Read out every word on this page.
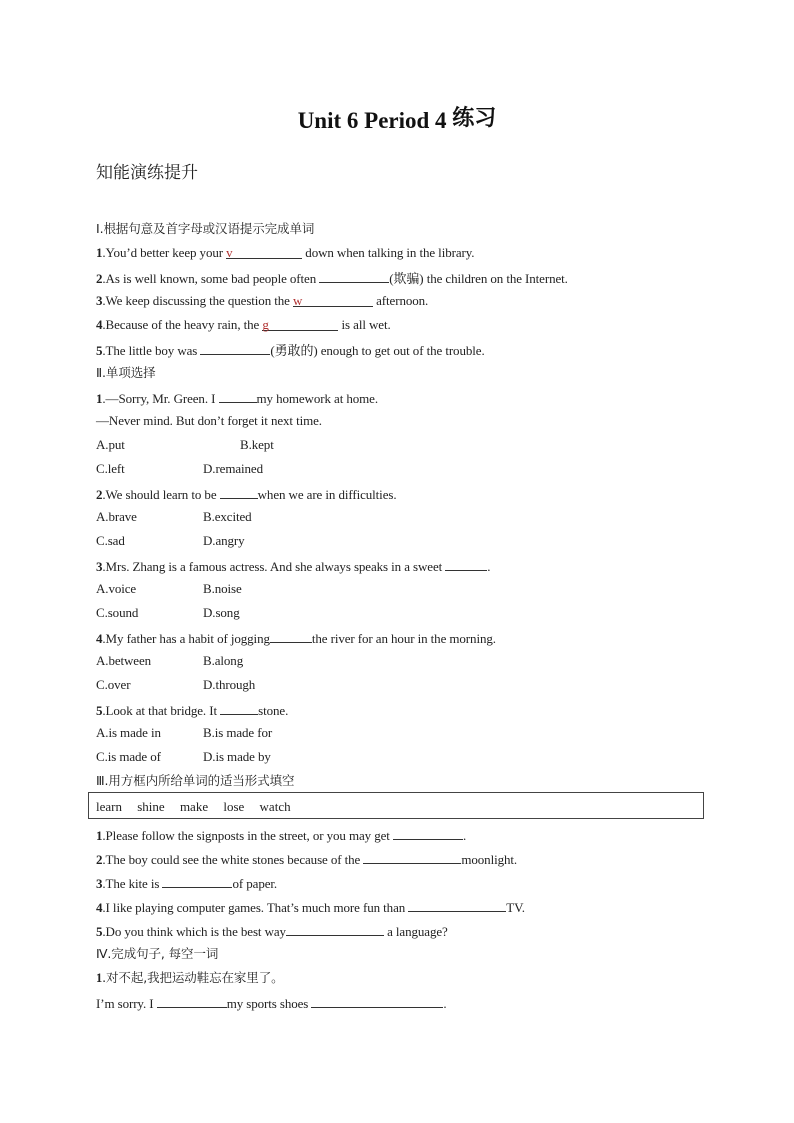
Unit 6 Period 4 练习
知能演练提升
Ⅰ.根据句意及首字母或汉语提示完成单词
1.You’d better keep your v	down when talking in the library.
2.As is well known, some bad people often	(欺骗) the children on the Internet.
3.We keep discussing the question the w	afternoon.
4.Because of the heavy rain, the g	is all wet.
5.The little boy was	(勇敢的) enough to get out of the trouble.
Ⅱ.单项选择
1.—Sorry, Mr. Green. I	my homework at home.
—Never mind. But don’t forget it next time.
A.put	B.kept
C.left	D.remained
2.We should learn to be	when we are in difficulties.
A.brave	B.excited
C.sad	D.angry
3.Mrs. Zhang is a famous actress. And she always speaks in a sweet	.
A.voice	B.noise
C.sound	D.song
4.My father has a habit of jogging	the river for an hour in the morning.
A.between	B.along
C.over	D.through
5.Look at that bridge. It	stone.
A.is made in	B.is made for
C.is made of	D.is made by
Ⅲ.用方框内所给单词的适当形式填空
learn shine make lose watch
1.Please follow the signposts in the street, or you may get	.
2.The boy could see the white stones because of the	moonlight.
3.The kite is	of paper.
4.I like playing computer games. That’s much more fun than	TV.
5.Do you think which is the best way	a language?
Ⅳ.完成句子, 每空一词
1.对不起,我把运动鞋忘在家里了。
I’m sorry. I	my sports shoes	.
